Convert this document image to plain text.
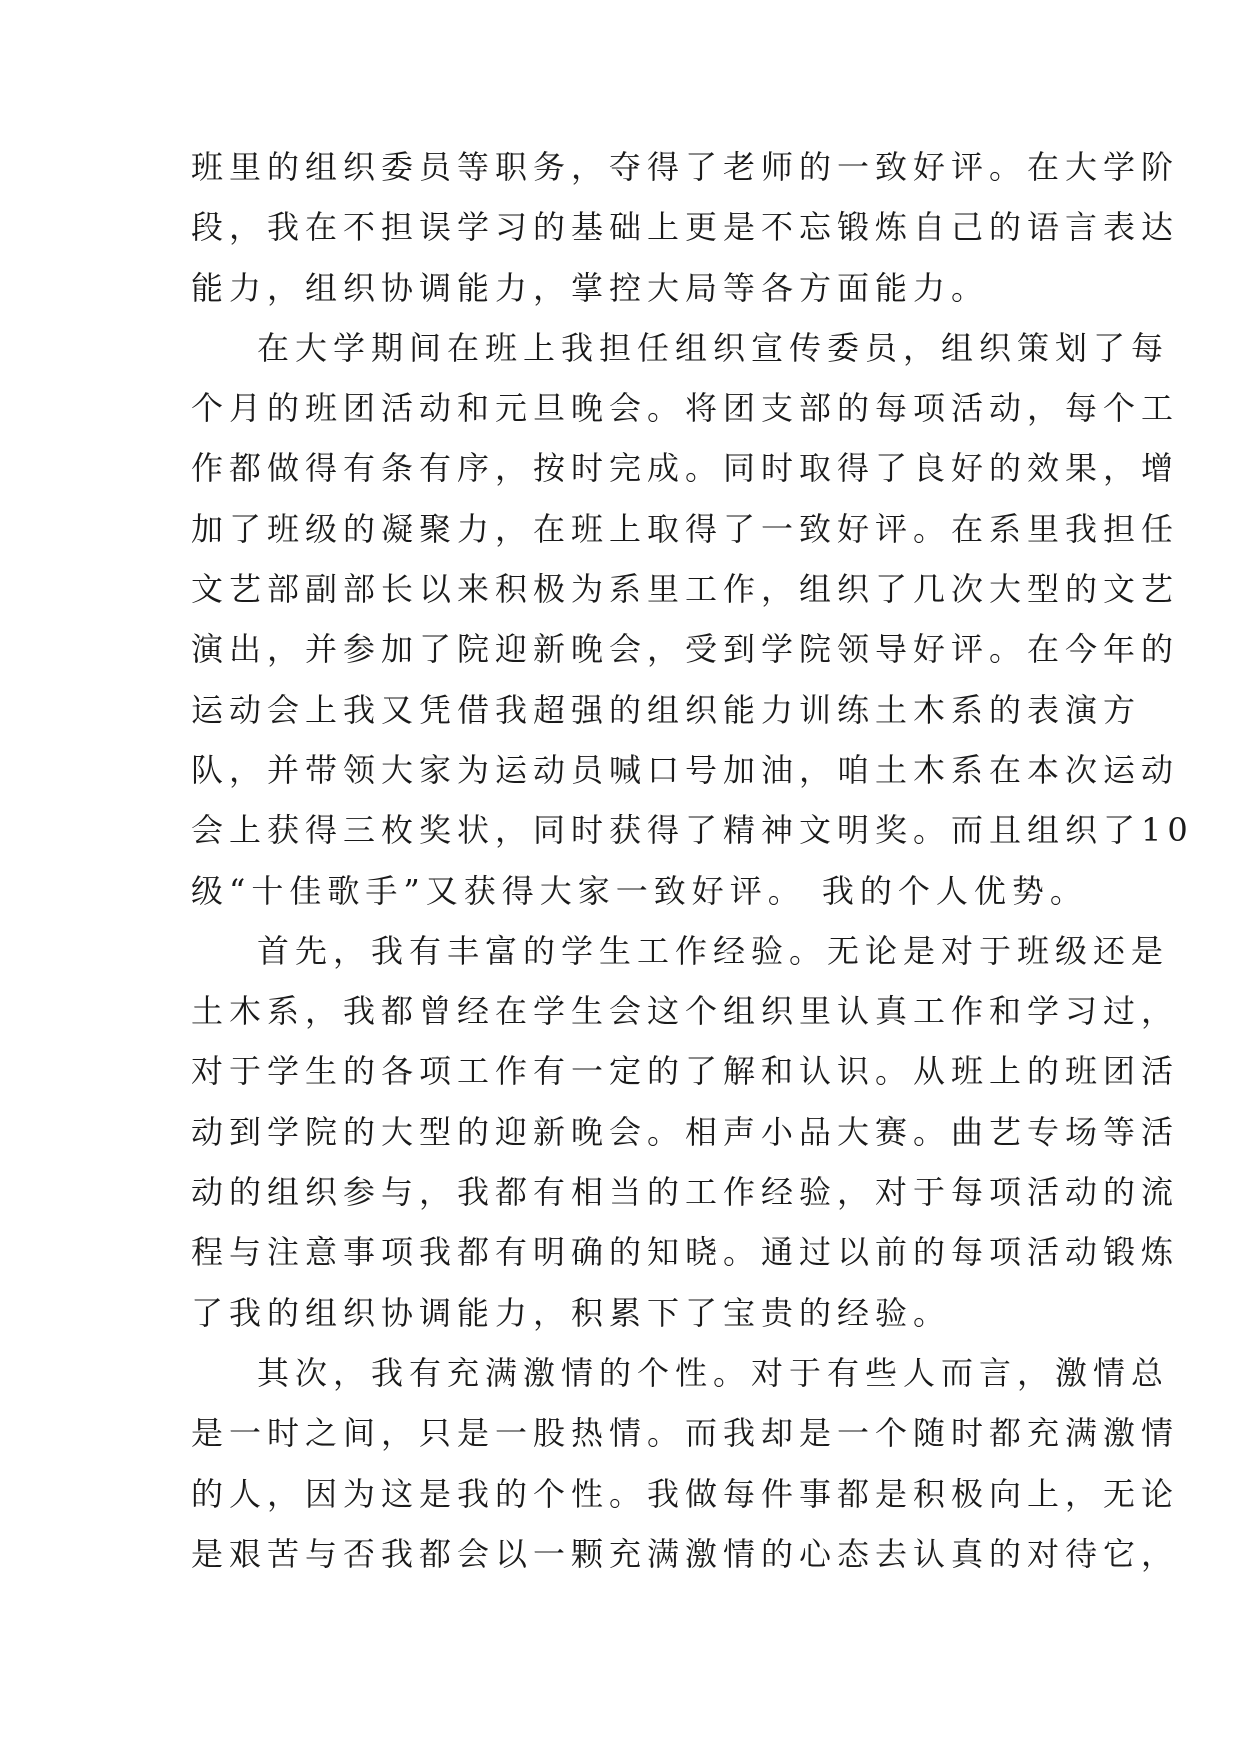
班里的组织委员等职务，夺得了老师的一致好评。在大学阶
段，我在不担误学习的基础上更是不忘锻炼自己的语言表达
能力，组织协调能力，掌控大局等各方面能力。
在大学期间在班上我担任组织宣传委员，组织策划了每
个月的班团活动和元旦晚会。将团支部的每项活动，每个工
作都做得有条有序，按时完成。同时取得了良好的效果，增
加了班级的凝聚力，在班上取得了一致好评。在系里我担任
文艺部副部长以来积极为系里工作，组织了几次大型的文艺
演出，并参加了院迎新晚会，受到学院领导好评。在今年的
运动会上我又凭借我超强的组织能力训练土木系的表演方
队，并带领大家为运动员喊口号加油，咱土木系在本次运动
会上获得三枚奖状，同时获得了精神文明奖。而且组织了10
级“十佳歌手”又获得大家一致好评。 我的个人优势。
首先，我有丰富的学生工作经验。无论是对于班级还是
土木系，我都曾经在学生会这个组织里认真工作和学习过，
对于学生的各项工作有一定的了解和认识。从班上的班团活
动到学院的大型的迎新晚会。相声小品大赛。曲艺专场等活
动的组织参与，我都有相当的工作经验，对于每项活动的流
程与注意事项我都有明确的知晓。通过以前的每项活动锻炼
了我的组织协调能力，积累下了宝贵的经验。
其次，我有充满激情的个性。对于有些人而言，激情总
是一时之间，只是一股热情。而我却是一个随时都充满激情
的人，因为这是我的个性。我做每件事都是积极向上，无论
是艰苦与否我都会以一颗充满激情的心态去认真的对待它，
